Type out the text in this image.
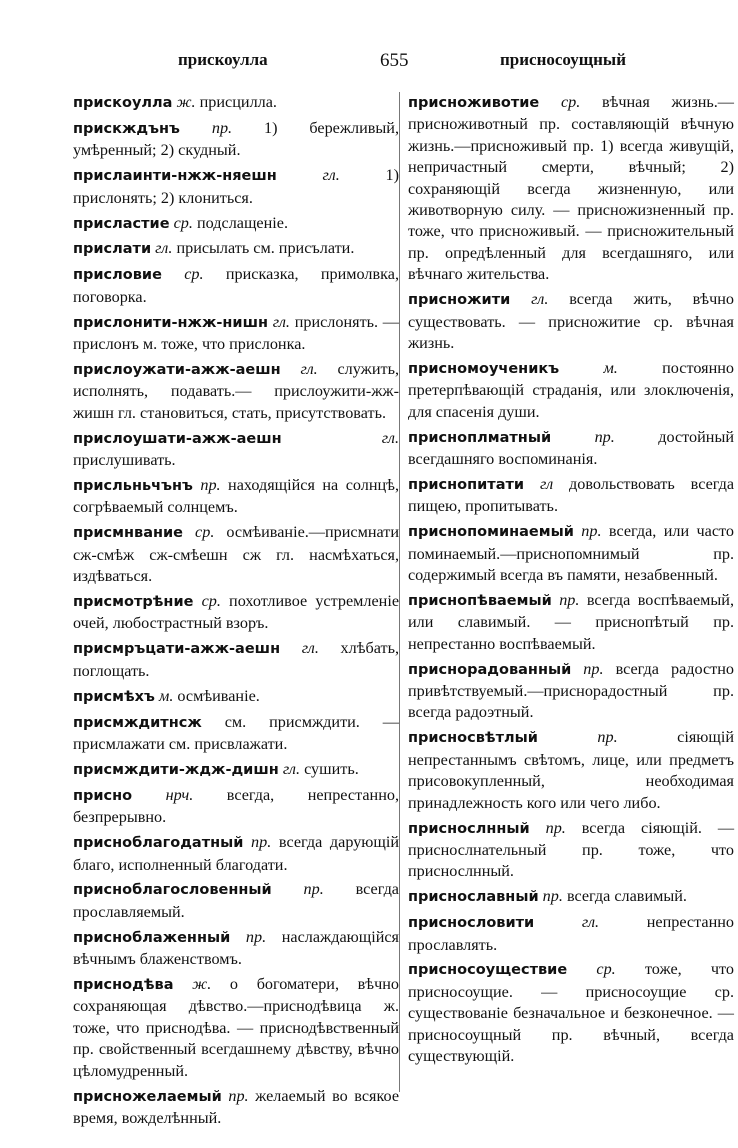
прискоулла	655	присносоущный

прискоулла ж. присцилла.

прискждънъ пр. 1) бережливый, умѣренный; 2) скудный.

прислаинти-нжж-няешн	гл. 1) прислонять; 2) клониться.

присластие ср. подслащеніе.

прислати гл. присылать см. присълати.

присловие ср. присказка, примолвка, поговорка.

прислонити-нжж-нишн гл. прислонять. —прислонъ м. тоже, что прислонка.

прислоужати-ажж-аешн гл. служить, исполнять, подавать.— прислоужити-жж-жишн гл. становиться, стать, присутствовать.

прислоушати-ажж-аешн	гл. прислушивать.

присльньчънъ пр. находящійся на солнцѣ, согрѣваемый солнцемъ.

присмнвание ср. осмѣиваніе.—присмнати сж-смѣж сж-смѣешн сж гл. насмѣхаться, издѣваться.

присмотрѣние ср. похотливое устремленіе очей, любострастный взоръ.

присмръцати-ажж-аешн гл. хлѣбать, поглощать.

присмѣхъ м. осмѣиваніе.

присмждитнсж см. присмждити. — присмлажати см. присвлажати.

присмждити-ждж-дишн гл. сушить.

присно нрч. всегда, непрестанно, безпрерывно.

присноблагодатный пр. всегда дарующій благо, исполненный благодати.

присноблагословенный пр. всегда прославляемый.

присноблаженный пр. наслаждающійся вѣчнымъ блаженствомъ.

приснодѣва ж. о богоматери, вѣчно сохраняющая дѣвство.—приснодѣвица ж. тоже, что приснодѣва. — приснодѣвственный пр. свойственный всегдашнему дѣвству, вѣчно цѣломудренный.

присножелаемый пр. желаемый во всякое время, вожделѣнный.

приснoживотие ср. вѣчная жизнь.— приснoживотный пр. составляющій вѣчную жизнь.—приснoживый пр. 1) всегда живущій, непричастный смерти, вѣчный; 2) сохраняющій всегда жизненную, или животворную силу. — присножизненный пр. тоже, что приснoживый. — присножительный пр. опредѣленный для всегдашняго, или вѣчнаго жительства.

приснoжити гл. всегда жить, вѣчно существовать. — приснoжитие ср. вѣчная жизнь.

присномоученикъ	м. постоянно претерпѣвающій страданія, или злоключенія, для спасенія души.

присноплматный	пр. достойный всегдашняго воспоминанія.

приснопитати гл довольствовать всегда пищею, пропитывать.

приснопоминаемый пр. всегда, или часто поминаемый.—приснопомнимый пр. содержимый всегда въ памяти, незабвенный.

приснопѣваемый пр. всегда воспѣваемый, или славимый. — приснопѣтый пр. непрестанно воспѣваемый.

приснорадованный пр. всегда радостно привѣтствуемый.—приснорадостный пр. всегда радоэтный.

присносвѣтлый	пр. сіяющій непрестаннымъ свѣтомъ, лице, или предметъ присовокупленный, необходимая принадлежность кого или чего либо.

приснослнный пр. всегда сіяющій. —приснослнательный пр. тоже, что приснослнный.

приснославный пр. всегда славимый.

приснословити	гл. непрестанно прославлять.

присносоуществие ср. тоже, что присносоущие. — присносоущие ср. существованіе безначальное и безконечное. — присносоущный пр. вѣчный, всегда существующій.
